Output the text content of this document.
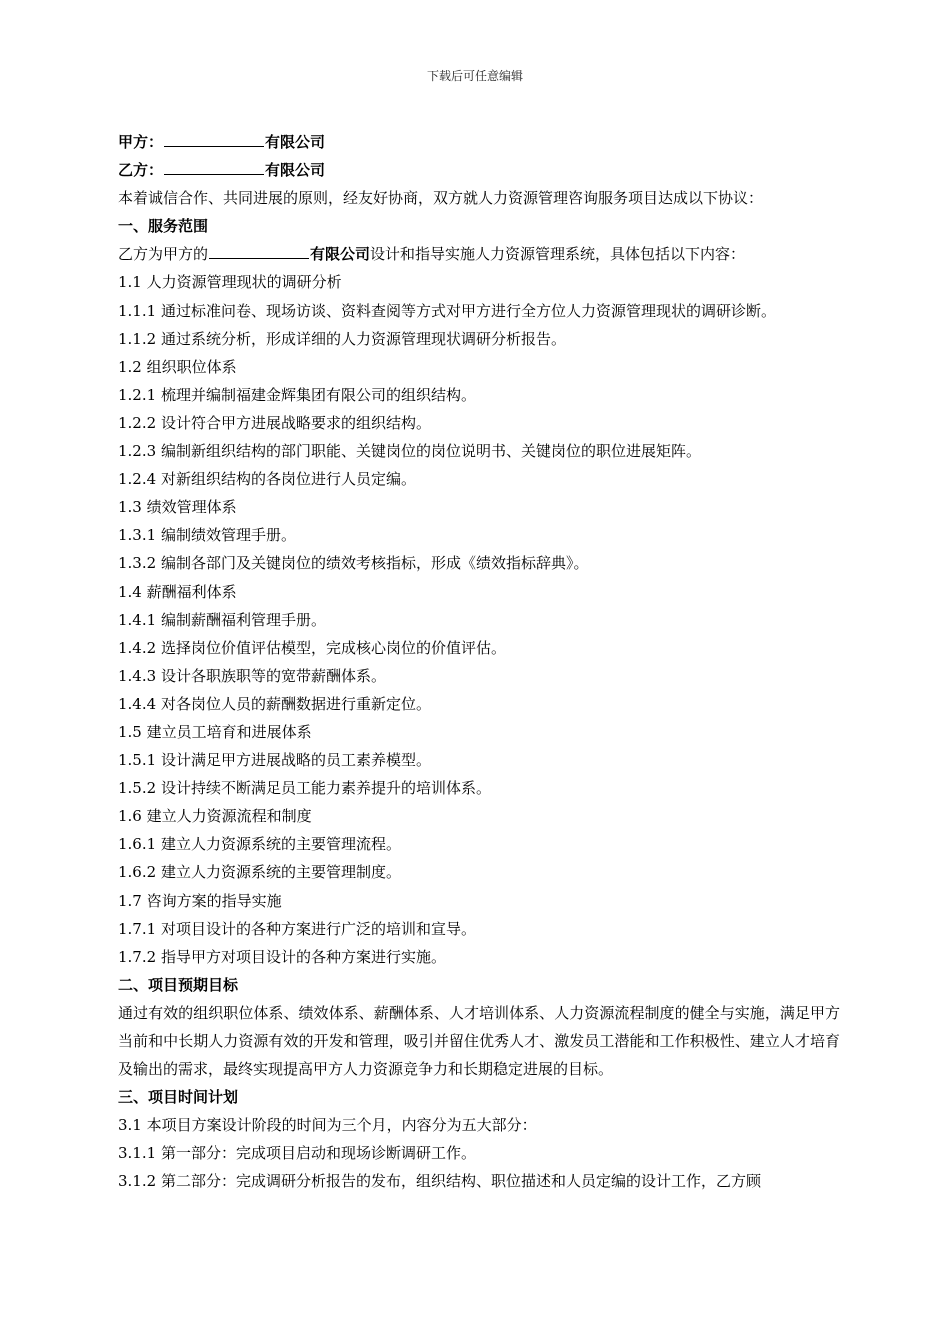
下载后可任意编辑
甲方：	有限公司
乙方：	有限公司
本着诚信合作、共同进展的原则，经友好协商，双方就人力资源管理咨询服务项目达成以下协议：
一、服务范围
乙方为甲方的	有限公司设计和指导实施人力资源管理系统，具体包括以下内容：
1.1 人力资源管理现状的调研分析
1.1.1 通过标准问卷、现场访谈、资料查阅等方式对甲方进行全方位人力资源管理现状的调研诊断。
1.1.2 通过系统分析，形成详细的人力资源管理现状调研分析报告。
1.2 组织职位体系
1.2.1 梳理并编制福建金辉集团有限公司的组织结构。
1.2.2 设计符合甲方进展战略要求的组织结构。
1.2.3 编制新组织结构的部门职能、关键岗位的岗位说明书、关键岗位的职位进展矩阵。
1.2.4 对新组织结构的各岗位进行人员定编。
1.3 绩效管理体系
1.3.1 编制绩效管理手册。
1.3.2 编制各部门及关键岗位的绩效考核指标，形成《绩效指标辞典》。
1.4 薪酬福利体系
1.4.1 编制薪酬福利管理手册。
1.4.2 选择岗位价值评估模型，完成核心岗位的价值评估。
1.4.3 设计各职族职等的宽带薪酬体系。
1.4.4 对各岗位人员的薪酬数据进行重新定位。
1.5 建立员工培育和进展体系
1.5.1 设计满足甲方进展战略的员工素养模型。
1.5.2 设计持续不断满足员工能力素养提升的培训体系。
1.6 建立人力资源流程和制度
1.6.1 建立人力资源系统的主要管理流程。
1.6.2 建立人力资源系统的主要管理制度。
1.7 咨询方案的指导实施
1.7.1 对项目设计的各种方案进行广泛的培训和宣导。
1.7.2 指导甲方对项目设计的各种方案进行实施。
二、项目预期目标
通过有效的组织职位体系、绩效体系、薪酬体系、人才培训体系、人力资源流程制度的健全与实施，满足甲方当前和中长期人力资源有效的开发和管理，吸引并留住优秀人才、激发员工潜能和工作积极性、建立人才培育及输出的需求，最终实现提高甲方人力资源竞争力和长期稳定进展的目标。
三、项目时间计划
3.1 本项目方案设计阶段的时间为三个月，内容分为五大部分：
3.1.1 第一部分：完成项目启动和现场诊断调研工作。
3.1.2 第二部分：完成调研分析报告的发布，组织结构、职位描述和人员定编的设计工作，乙方顾
